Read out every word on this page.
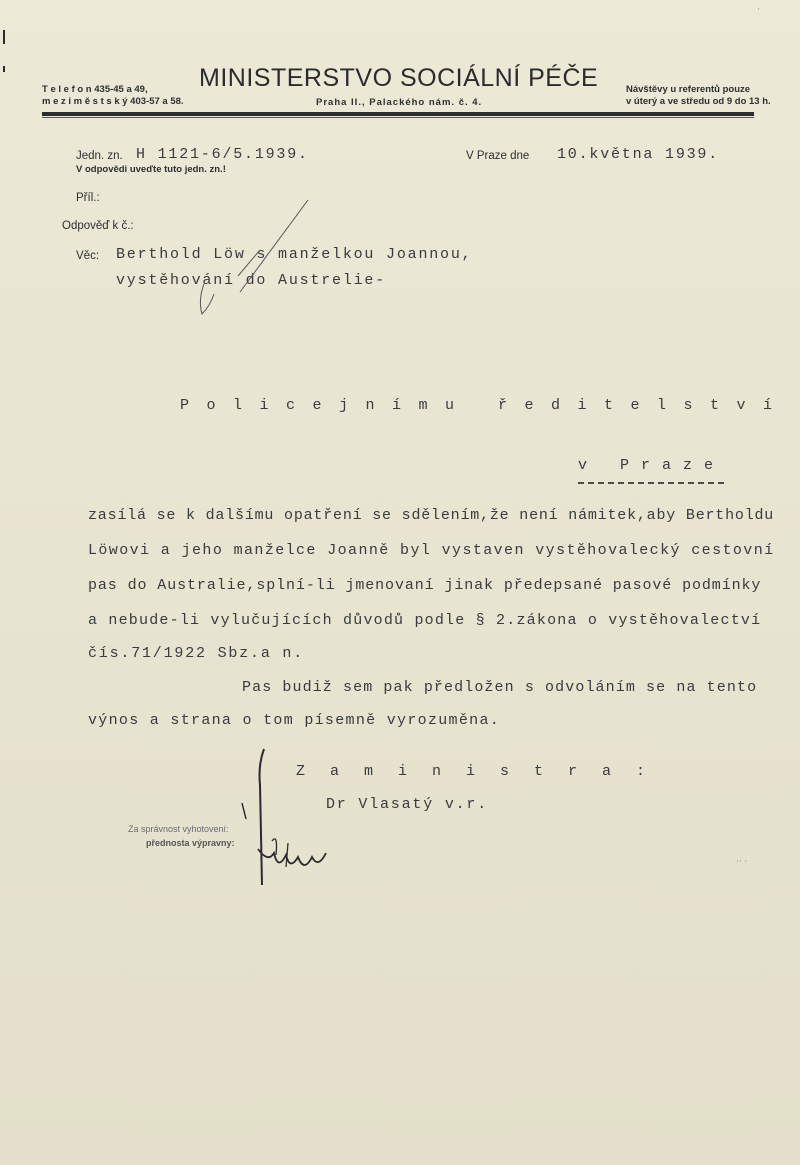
T e l e f o n 435-45 a 49,
m e z i m ě s t s k ý 403-57 a 58.
MINISTERSTVO SOCIÁLNÍ PÉČE
Praha II., Palackého nám. č. 4.
Návštěvy u referentů pouze
v úterý a ve středu od 9 do 13 h.
Jedn. zn. H 1121-6/5.1939.
V odpovědi uveďte tuto jedn. zn.!
V Praze dne 10.května 1939.
Příl.:
Odpověď k č.:
Věc: Berthold Löw s manželkou Joannou,
vystěhování do Austrelie-
Policejnímu ředitelství
v Praze
zasílá se k dalšímu opatření se sdělením,že není námitek,aby Bertholdu
Löwovi a jeho manželce Joanně byl vystaven vystěhovalecký cestovní
pas do Australie,splní-li jmenovaní jinak předepsané pasové podmínky
a nebude-li vylučujících důvodů podle § 2.zákona o vystěhovalectví
čís.71/1922 Sbz.a n.
Pas budiž sem pak předložen s odvoláním se na tento
výnos a strana o tom písemně vyrozuměna.
Z a m i n i s t r a :
Dr Vlasatý v.r.
Za správnost vyhotovení:
přednosta výpravny:
·· ·
·
